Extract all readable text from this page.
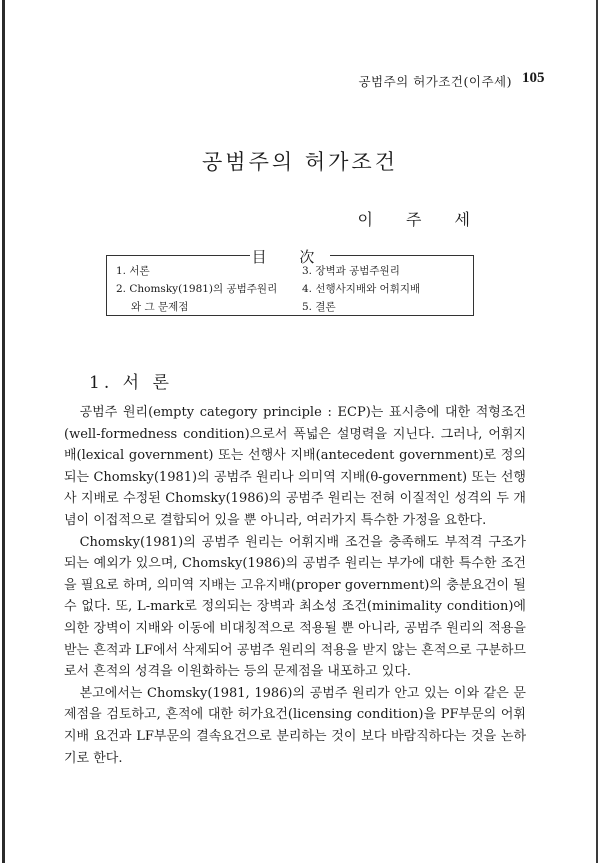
공범주의 허가조건(이주세) 105
공범주의 허가조건
이 주 세
目 次
1. 서론
2. Chomsky(1981)의 공범주원리
와 그 문제점
3. 장벽과 공범주원리
4. 선행사지배와 어휘지배
5. 결론
1. 서 론

공범주 원리(empty category principle : ECP)는 표시층에 대한 적형조건(well-formedness condition)으로서 폭넓은 설명력을 지닌다. 그러나, 어휘지배(lexical government) 또는 선행사 지배(antecedent government)로 정의되는 Chomsky(1981)의 공범주 원리나 의미역 지배(θ-government) 또는 선행사 지배로 수정된 Chomsky(1986)의 공범주 원리는 전혀 이질적인 성격의 두 개념이 이접적으로 결합되어 있을 뿐 아니라, 여러가지 특수한 가정을 요한다.

Chomsky(1981)의 공범주 원리는 어휘지배 조건을 충족해도 부적격 구조가 되는 예외가 있으며, Chomsky(1986)의 공범주 원리는 부가에 대한 특수한 조건을 필요로 하며, 의미역 지배는 고유지배(proper government)의 충분요건이 될 수 없다. 또, L-mark로 정의되는 장벽과 최소성 조건(minimality condition)에 의한 장벽이 지배와 이동에 비대칭적으로 적용될 뿐 아니라, 공범주 원리의 적용을 받는 흔적과 LF에서 삭제되어 공범주 원리의 적용을 받지 않는 흔적으로 구분하므로서 흔적의 성격을 이원화하는 등의 문제점을 내포하고 있다.

본고에서는 Chomsky(1981, 1986)의 공범주 원리가 안고 있는 이와 같은 문제점을 검토하고, 흔적에 대한 허가요건(licensing condition)을 PF부문의 어휘지배 요건과 LF부문의 결속요건으로 분리하는 것이 보다 바람직하다는 것을 논하기로 한다.
